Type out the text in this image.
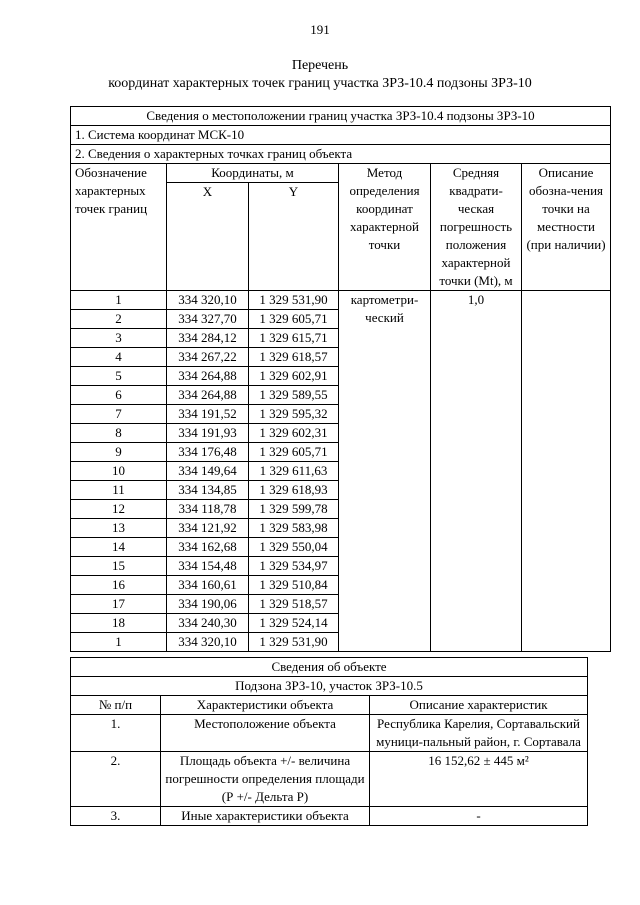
191
Перечень
координат характерных точек границ участка ЗРЗ-10.4 подзоны ЗРЗ-10
Сведения о местоположении границ участка ЗРЗ-10.4 подзоны ЗРЗ-10					
1. Система координат МСК-10					
2. Сведения о характерных точках границ объекта					
Обозначение характерных точек границ	Координаты, м		Метод определения координат характерной точки	Средняя квадрати-ческая погрешность положения характерной точки (Mt), м	Описание обозна-чения точки на местности (при наличии)
	X	Y			
1	334 320,10	1 329 531,90	картометри-ческий	1,0	
2	334 327,70	1 329 605,71			
3	334 284,12	1 329 615,71			
4	334 267,22	1 329 618,57			
5	334 264,88	1 329 602,91			
6	334 264,88	1 329 589,55			
7	334 191,52	1 329 595,32			
8	334 191,93	1 329 602,31			
9	334 176,48	1 329 605,71			
10	334 149,64	1 329 611,63			
11	334 134,85	1 329 618,93			
12	334 118,78	1 329 599,78			
13	334 121,92	1 329 583,98			
14	334 162,68	1 329 550,04			
15	334 154,48	1 329 534,97			
16	334 160,61	1 329 510,84			
17	334 190,06	1 329 518,57			
18	334 240,30	1 329 524,14			
1	334 320,10	1 329 531,90			
Сведения об объекте		
Подзона ЗРЗ-10, участок ЗРЗ-10.5		
№ п/п	Характеристики объекта	Описание характеристик
1.	Местоположение объекта	Республика Карелия, Сортавальский муници-пальный район, г. Сортавала
2.	Площадь объекта +/- величина погрешности определения площади (Р +/- Дельта Р)	16 152,62 ± 445 м²
3.	Иные характеристики объекта	-
